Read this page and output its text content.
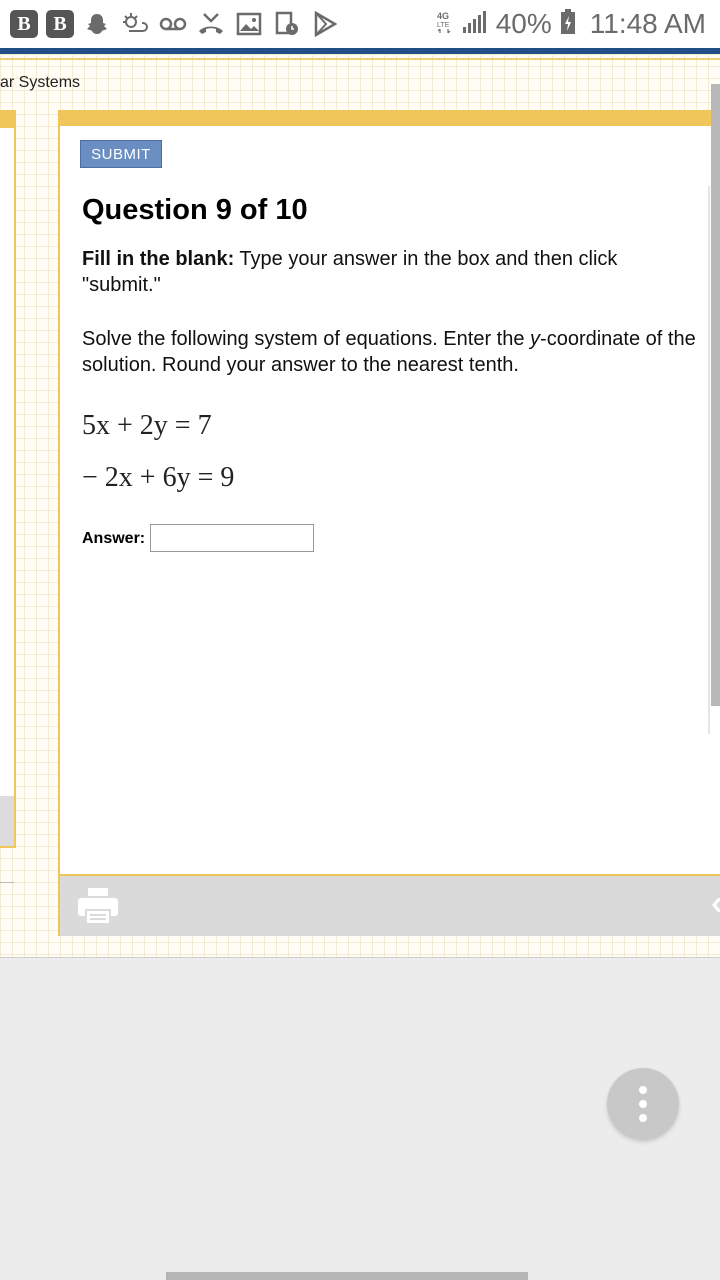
B	B	4G
LTE 40% 11:48 AM
ar Systems
SUBMIT
Question 9 of 10
Fill in the blank: Type your answer in the box and then click "submit."
Solve the following system of equations. Enter the y-coordinate of the solution. Round your answer to the nearest tenth.
5x + 2y = 7
− 2x + 6y = 9
Answer:
